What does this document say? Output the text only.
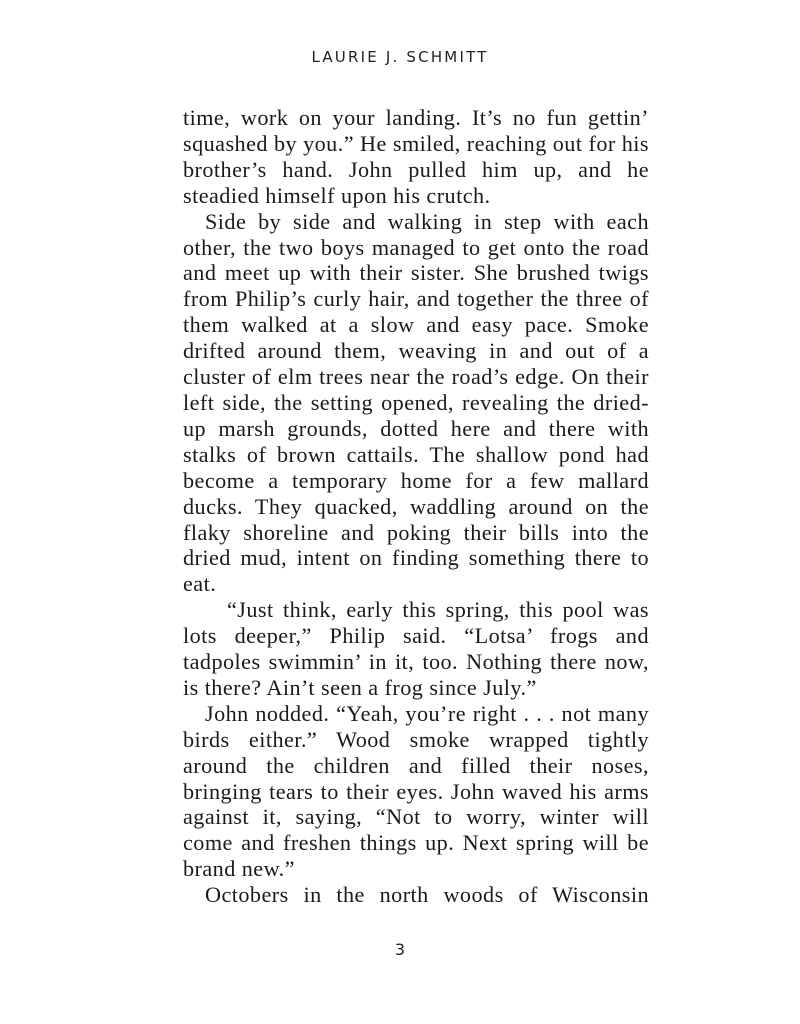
LAURIE J. SCHMITT

time, work on your landing. It’s no fun gettin’ squashed by you.” He smiled, reaching out for his brother’s hand. John pulled him up, and he steadied himself upon his crutch.

Side by side and walking in step with each other, the two boys managed to get onto the road and meet up with their sister. She brushed twigs from Philip’s curly hair, and together the three of them walked at a slow and easy pace. Smoke drifted around them, weaving in and out of a cluster of elm trees near the road’s edge. On their left side, the setting opened, revealing the dried-up marsh grounds, dotted here and there with stalks of brown cattails. The shallow pond had become a temporary home for a few mallard ducks. They quacked, waddling around on the flaky shoreline and poking their bills into the dried mud, intent on finding something there to eat.

“Just think, early this spring, this pool was lots deeper,” Philip said. “Lotsa’ frogs and tadpoles swimmin’ in it, too. Nothing there now, is there? Ain’t seen a frog since July.”

John nodded. “Yeah, you’re right . . . not many birds either.” Wood smoke wrapped tightly around the children and filled their noses, bringing tears to their eyes. John waved his arms against it, saying, “Not to worry, winter will come and freshen things up. Next spring will be brand new.”

Octobers in the north woods of Wisconsin

3
